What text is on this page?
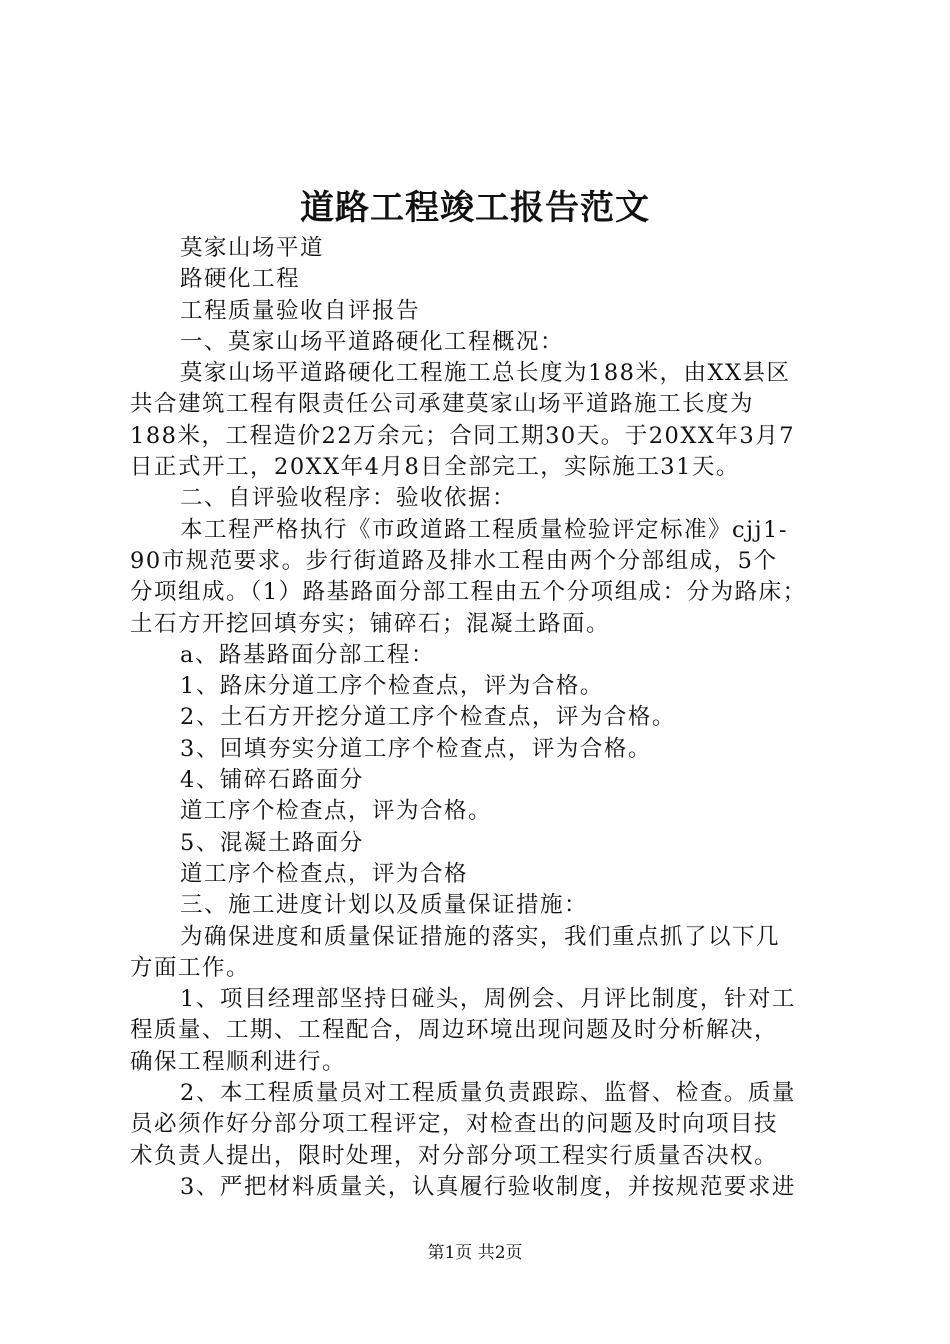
道路工程竣工报告范文
莫家山场平道
路硬化工程
工程质量验收自评报告
一、莫家山场平道路硬化工程概况：
莫家山场平道路硬化工程施工总长度为188米，由XX县区
共合建筑工程有限责任公司承建莫家山场平道路施工长度为
188米，工程造价22万余元；合同工期30天。于20XX年3月7
日正式开工，20XX年4月8日全部完工，实际施工31天。
二、自评验收程序：验收依据：
本工程严格执行《市政道路工程质量检验评定标准》cjj1-
90市规范要求。步行街道路及排水工程由两个分部组成，5个
分项组成。（1）路基路面分部工程由五个分项组成：分为路床；
土石方开挖回填夯实；铺碎石；混凝土路面。
a、路基路面分部工程：
1、路床分道工序个检查点，评为合格。
2、土石方开挖分道工序个检查点，评为合格。
3、回填夯实分道工序个检查点，评为合格。
4、铺碎石路面分
道工序个检查点，评为合格。
5、混凝土路面分
道工序个检查点，评为合格
三、施工进度计划以及质量保证措施：
为确保进度和质量保证措施的落实，我们重点抓了以下几
方面工作。
1、项目经理部坚持日碰头，周例会、月评比制度，针对工
程质量、工期、工程配合，周边环境出现问题及时分析解决，
确保工程顺利进行。
2、本工程质量员对工程质量负责跟踪、监督、检查。质量
员必须作好分部分项工程评定，对检查出的问题及时向项目技
术负责人提出，限时处理，对分部分项工程实行质量否决权。
3、严把材料质量关，认真履行验收制度，并按规范要求进
第1页 共2页
